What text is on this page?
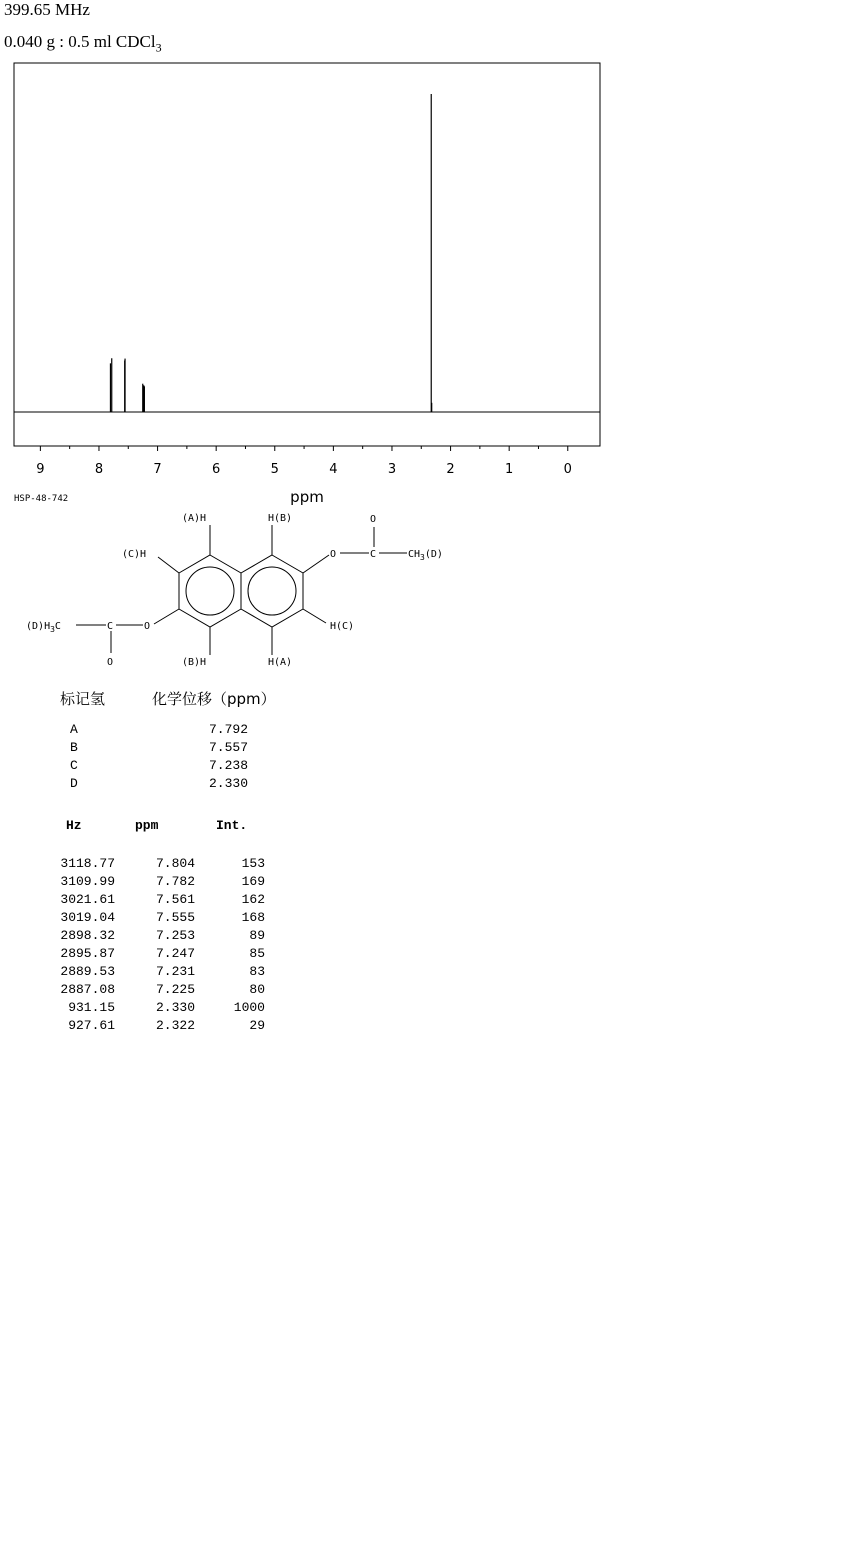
399.65 MHz
0.040 g : 0.5 ml CDCl$_3$
9	8	7	6	5	4	3	2	1	0
ppm
HSP-48-742
(A)H	H(B)
(C)H
H(C)
(B)H	H(A)
O	C
O
$CH_3(D)$
$(D)H_3C$	C
O
O
标记氢	化学位移（ppm）
A	7.792
B	7.557
C	7.238
D	2.330
Hz	ppm	Int.
3118.77	7.804	153
3109.99	7.782	169
3021.61	7.561	162
3019.04	7.555	168
2898.32	7.253	89
2895.87	7.247	85
2889.53	7.231	83
2887.08	7.225	80
931.15	2.330	1000
927.61	2.322	29
